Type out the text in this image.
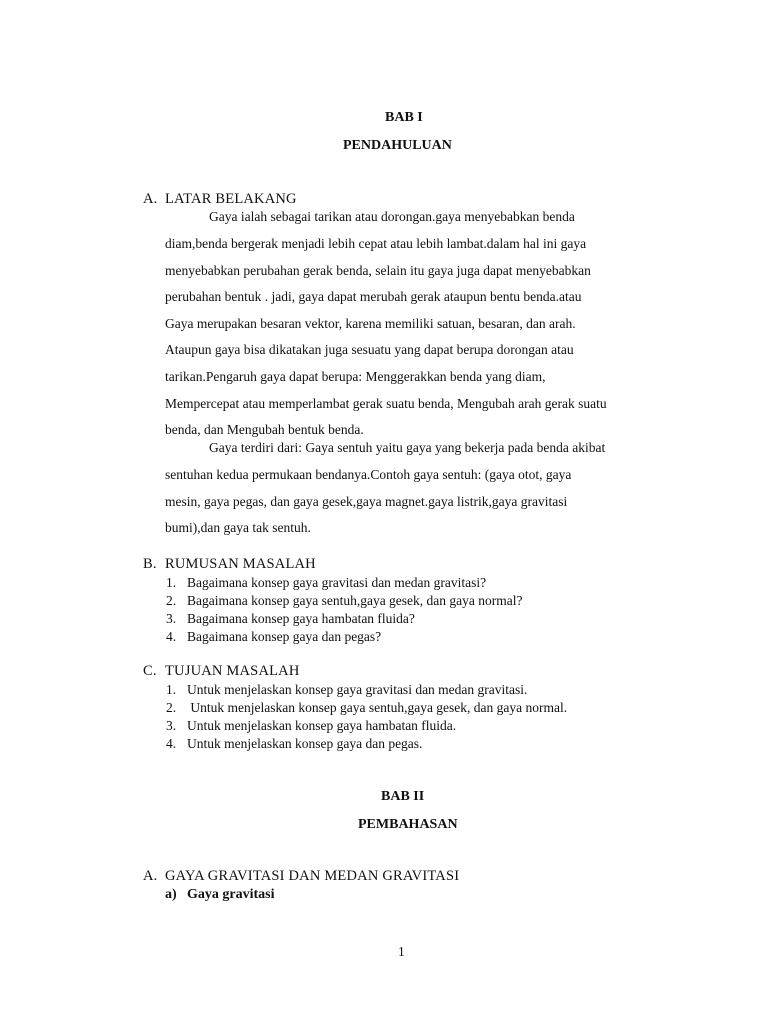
BAB I
PENDAHULUAN
A. LATAR BELAKANG
Gaya ialah sebagai tarikan atau dorongan.gaya menyebabkan benda
diam,benda bergerak menjadi lebih cepat atau lebih lambat.dalam hal ini gaya
menyebabkan perubahan gerak benda, selain itu gaya juga dapat menyebabkan
perubahan bentuk . jadi, gaya dapat merubah gerak ataupun bentu benda.atau
Gaya merupakan besaran vektor, karena memiliki satuan, besaran, dan arah.
Ataupun gaya bisa dikatakan juga sesuatu yang dapat berupa dorongan atau
tarikan.Pengaruh gaya dapat berupa: Menggerakkan benda yang diam,
Mempercepat atau memperlambat gerak suatu benda, Mengubah arah gerak suatu
benda, dan Mengubah bentuk benda.
Gaya terdiri dari: Gaya sentuh yaitu gaya yang bekerja pada benda akibat
sentuhan kedua permukaan bendanya.Contoh gaya sentuh: (gaya otot, gaya
mesin, gaya pegas, dan gaya gesek,gaya magnet.gaya listrik,gaya gravitasi
bumi),dan gaya tak sentuh.
B. RUMUSAN MASALAH
1. Bagaimana konsep gaya gravitasi dan medan gravitasi?
2. Bagaimana konsep gaya sentuh,gaya gesek, dan gaya normal?
3. Bagaimana konsep gaya hambatan fluida?
4. Bagaimana konsep gaya dan pegas?
C. TUJUAN MASALAH
1. Untuk menjelaskan konsep gaya gravitasi dan medan gravitasi.
2. Untuk menjelaskan konsep gaya sentuh,gaya gesek, dan gaya normal.
3. Untuk menjelaskan konsep gaya hambatan fluida.
4. Untuk menjelaskan konsep gaya dan pegas.
BAB II
PEMBAHASAN
A. GAYA GRAVITASI DAN MEDAN GRAVITASI
a) Gaya gravitasi
1
